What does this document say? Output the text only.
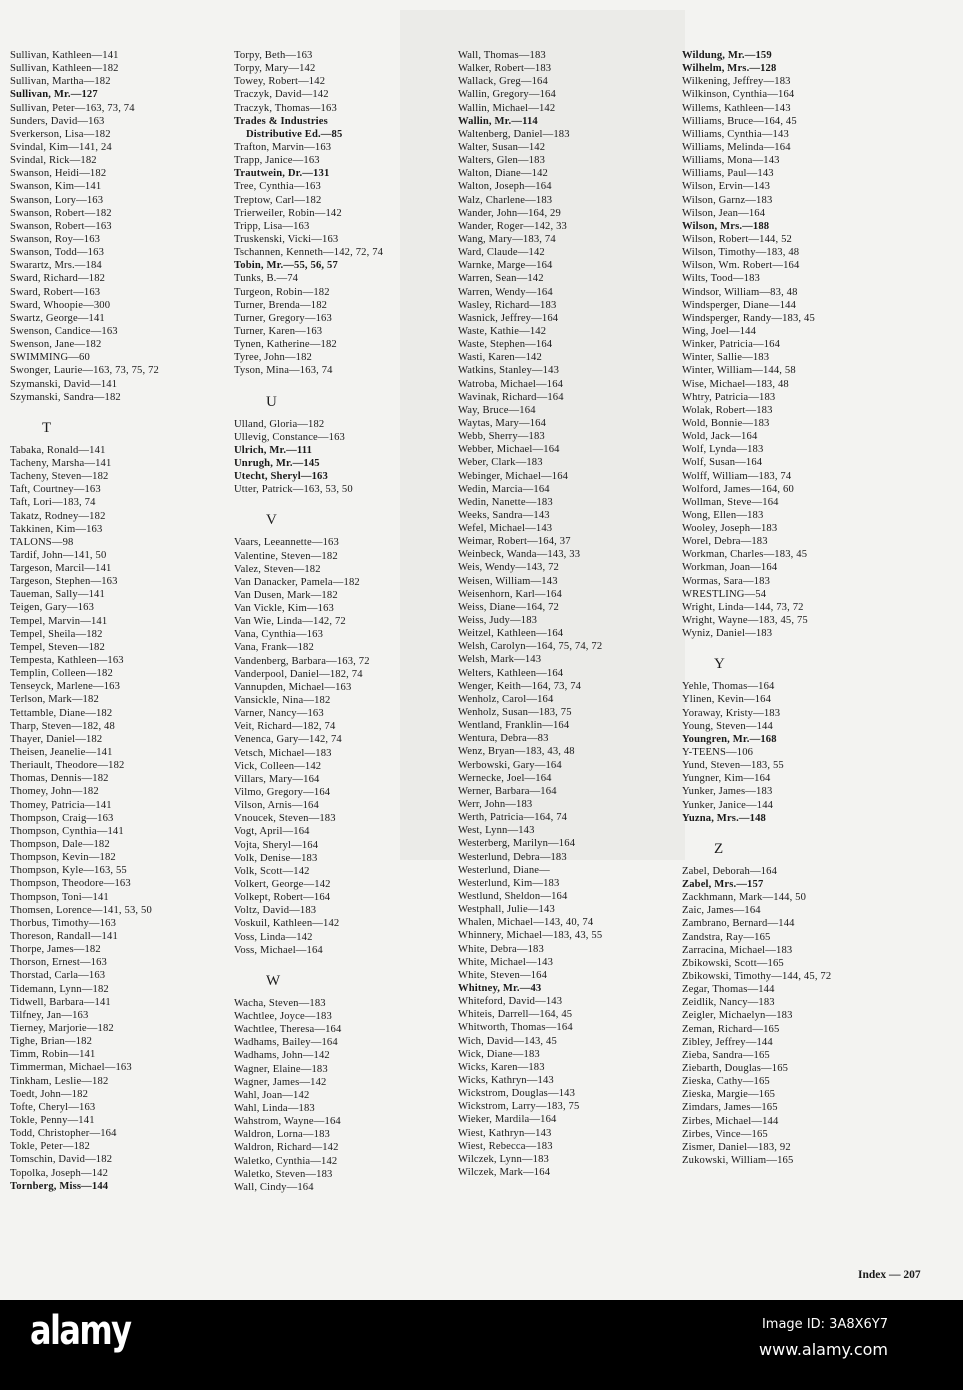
Sullivan, Kathleen—141
Sullivan, Kathleen—182
Sullivan, Martha—182
Sullivan, Mr.—127
Sullivan, Peter—163, 73, 74
Sunders, David—163
Sverkerson, Lisa—182
Svindal, Kim—141, 24
Svindal, Rick—182
Swanson, Heidi—182
Swanson, Kim—141
Swanson, Lory—163
Swanson, Robert—182
Swanson, Robert—163
Swanson, Roy—163
Swanson, Todd—163
Swarartz, Mrs.—184
Sward, Richard—182
Sward, Robert—163
Sward, Whoopie—300
Swartz, George—141
Swenson, Candice—163
Swenson, Jane—182
SWIMMING—60
Swonger, Laurie—163, 73, 75, 72
Szymanski, David—141
Szymanski, Sandra—182
T
Tabaka, Ronald—141
Tacheny, Marsha—141
Tacheny, Steven—182
Taft, Courtney—163
Taft, Lori—183, 74
Takatz, Rodney—182
Takkinen, Kim—163
TALONS—98
Tardif, John—141, 50
Targeson, Marcil—141
Targeson, Stephen—163
Taueman, Sally—141
Teigen, Gary—163
Tempel, Marvin—141
Tempel, Sheila—182
Tempel, Steven—182
Tempesta, Kathleen—163
Templin, Colleen—182
Tenseyck, Marlene—163
Terlson, Mark—182
Tettamble, Diane—182
Tharp, Steven—182, 48
Thayer, Daniel—182
Theisen, Jeanelie—141
Theriault, Theodore—182
Thomas, Dennis—182
Thomey, John—182
Thomey, Patricia—141
Thompson, Craig—163
Thompson, Cynthia—141
Thompson, Dale—182
Thompson, Kevin—182
Thompson, Kyle—163, 55
Thompson, Theodore—163
Thompson, Toni—141
Thomsen, Lorence—141, 53, 50
Thorbus, Timothy—163
Thoreson, Randall—141
Thorpe, James—182
Thorson, Ernest—163
Thorstad, Carla—163
Tidemann, Lynn—182
Tidwell, Barbara—141
Tilfney, Jan—163
Tierney, Marjorie—182
Tighe, Brian—182
Timm, Robin—141
Timmerman, Michael—163
Tinkham, Leslie—182
Toedt, John—182
Tofte, Cheryl—163
Tokle, Penny—141
Todd, Christopher—164
Tokle, Peter—182
Tomschin, David—182
Topolka, Joseph—142
Tornberg, Miss—144
Torpy, Beth—163
Torpy, Mary—142
Towey, Robert—142
Traczyk, David—142
Traczyk, Thomas—163
Trades & Industries
Distributive Ed.—85
Trafton, Marvin—163
Trapp, Janice—163
Trautwein, Dr.—131
Tree, Cynthia—163
Treptow, Carl—182
Trierweiler, Robin—142
Tripp, Lisa—163
Truskenski, Vicki—163
Tschannen, Kenneth—142, 72, 74
Tobin, Mr.—55, 56, 57
Tunks, B.—74
Turgeon, Robin—182
Turner, Brenda—182
Turner, Gregory—163
Turner, Karen—163
Tynen, Katherine—182
Tyree, John—182
Tyson, Mina—163, 74
U
Ulland, Gloria—182
Ullevig, Constance—163
Ulrich, Mr.—111
Unrugh, Mr.—145
Utecht, Sheryl—163
Utter, Patrick—163, 53, 50
V
Vaars, Leeannette—163
Valentine, Steven—182
Valez, Steven—182
Van Danacker, Pamela—182
Van Dusen, Mark—182
Van Vickle, Kim—163
Van Wie, Linda—142, 72
Vana, Cynthia—163
Vana, Frank—182
Vandenberg, Barbara—163, 72
Vanderpool, Daniel—182, 74
Vannupden, Michael—163
Vansickle, Nina—182
Varner, Nancy—163
Veit, Richard—182, 74
Venenca, Gary—142, 74
Vetsch, Michael—183
Vick, Colleen—142
Villars, Mary—164
Vilmo, Gregory—164
Vilson, Arnis—164
Vnoucek, Steven—183
Vogt, April—164
Vojta, Sheryl—164
Volk, Denise—183
Volk, Scott—142
Volkert, George—142
Volkept, Robert—164
Voltz, David—183
Voskuil, Kathleen—142
Voss, Linda—142
Voss, Michael—164
W
Wacha, Steven—183
Wachtlee, Joyce—183
Wachtlee, Theresa—164
Wadhams, Bailey—164
Wadhams, John—142
Wagner, Elaine—183
Wagner, James—142
Wahl, Joan—142
Wahl, Linda—183
Wahstrom, Wayne—164
Waldron, Lorna—183
Waldron, Richard—142
Waletko, Cynthia—142
Waletko, Steven—183
Wall, Cindy—164
Wall, Thomas—183
Walker, Robert—183
Wallack, Greg—164
Wallin, Gregory—164
Wallin, Michael—142
Wallin, Mr.—114
Waltenberg, Daniel—183
Walter, Susan—142
Walters, Glen—183
Walton, Diane—142
Walton, Joseph—164
Walz, Charlene—183
Wander, John—164, 29
Wander, Roger—142, 33
Wang, Mary—183, 74
Ward, Claude—142
Warnke, Marge—164
Warren, Sean—142
Warren, Wendy—164
Wasley, Richard—183
Wasnick, Jeffrey—164
Waste, Kathie—142
Waste, Stephen—164
Wasti, Karen—142
Watkins, Stanley—143
Watroba, Michael—164
Wavinak, Richard—164
Way, Bruce—164
Waytas, Mary—164
Webb, Sherry—183
Webber, Michael—164
Weber, Clark—183
Webinger, Michael—164
Wedin, Marcia—164
Wedin, Nanette—183
Weeks, Sandra—143
Wefel, Michael—143
Weimar, Robert—164, 37
Weinbeck, Wanda—143, 33
Weis, Wendy—143, 72
Weisen, William—143
Weisenhorn, Karl—164
Weiss, Diane—164, 72
Weiss, Judy—183
Weitzel, Kathleen—164
Welsh, Carolyn—164, 75, 74, 72
Welsh, Mark—143
Welters, Kathleen—164
Wenger, Keith—164, 73, 74
Wenholz, Carol—164
Wenholz, Susan—183, 75
Wentland, Franklin—164
Wentura, Debra—83
Wenz, Bryan—183, 43, 48
Werbowski, Gary—164
Wernecke, Joel—164
Werner, Barbara—164
Werr, John—183
Werth, Patricia—164, 74
West, Lynn—143
Westerberg, Marilyn—164
Westerlund, Debra—183
Westerlund, Diane—
Westerlund, Kim—183
Westlund, Sheldon—164
Westphall, Julie—143
Whalen, Michael—143, 40, 74
Whinnery, Michael—183, 43, 55
White, Debra—183
White, Michael—143
White, Steven—164
Whitney, Mr.—43
Whiteford, David—143
Whiteis, Darrell—164, 45
Whitworth, Thomas—164
Wich, David—143, 45
Wick, Diane—183
Wicks, Karen—183
Wicks, Kathryn—143
Wickstrom, Douglas—143
Wickstrom, Larry—183, 75
Wieker, Mardila—164
Wiest, Kathryn—143
Wiest, Rebecca—183
Wilczek, Lynn—183
Wilczek, Mark—164
Wildung, Mr.—159
Wilhelm, Mrs.—128
Wilkening, Jeffrey—183
Wilkinson, Cynthia—164
Willems, Kathleen—143
Williams, Bruce—164, 45
Williams, Cynthia—143
Williams, Melinda—164
Williams, Mona—143
Williams, Paul—143
Wilson, Ervin—143
Wilson, Garnz—183
Wilson, Jean—164
Wilson, Mrs.—188
Wilson, Robert—144, 52
Wilson, Timothy—183, 48
Wilson, Wm. Robert—164
Wilts, Tood—183
Windsor, William—83, 48
Windsperger, Diane—144
Windsperger, Randy—183, 45
Wing, Joel—144
Winker, Patricia—164
Winter, Sallie—183
Winter, William—144, 58
Wise, Michael—183, 48
Whtry, Patricia—183
Wolak, Robert—183
Wold, Bonnie—183
Wold, Jack—164
Wolf, Lynda—183
Wolf, Susan—164
Wolff, William—183, 74
Wolford, James—164, 60
Wollman, Steve—164
Wong, Ellen—183
Wooley, Joseph—183
Worel, Debra—183
Workman, Charles—183, 45
Workman, Joan—164
Wormas, Sara—183
WRESTLING—54
Wright, Linda—144, 73, 72
Wright, Wayne—183, 45, 75
Wyniz, Daniel—183
Y
Yehle, Thomas—164
Ylinen, Kevin—164
Yoraway, Kristy—183
Young, Steven—144
Youngren, Mr.—168
Y-TEENS—106
Yund, Steven—183, 55
Yungner, Kim—164
Yunker, James—183
Yunker, Janice—144
Yuzna, Mrs.—148
Z
Zabel, Deborah—164
Zabel, Mrs.—157
Zackhmann, Mark—144, 50
Zaic, James—164
Zambrano, Bernard—144
Zandstra, Ray—165
Zarracina, Michael—183
Zbikowski, Scott—165
Zbikowski, Timothy—144, 45, 72
Zegar, Thomas—144
Zeidlik, Nancy—183
Zeigler, Michaelyn—183
Zeman, Richard—165
Zibley, Jeffrey—144
Zieba, Sandra—165
Ziebarth, Douglas—165
Zieska, Cathy—165
Zieska, Margie—165
Zimdars, James—165
Zirbes, Michael—144
Zirbes, Vince—165
Zismer, Daniel—183, 92
Zukowski, William—165
Index — 207
alamy	Image ID: 3A8X6Y7
www.alamy.com
